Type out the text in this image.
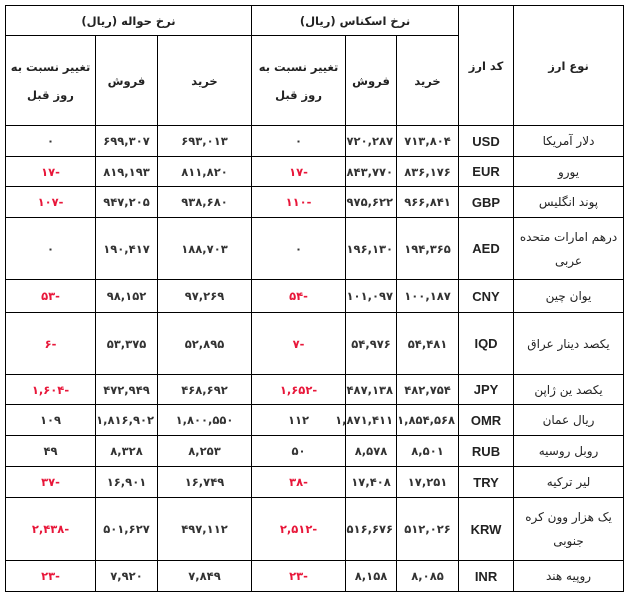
نوع ارز	کد ارز	نرخ اسکناس (ریال)			نرخ حواله (ریال)		
		خرید	فروش	تغییر نسبت به روز قبل	خرید	فروش	تغییر نسبت به روز قبل
دلار آمریکا	USD	۷۱۳,۸۰۴	۷۲۰,۲۸۷	۰	۶۹۳,۰۱۳	۶۹۹,۳۰۷	۰
یورو	EUR	۸۳۶,۱۷۶	۸۴۳,۷۷۰	-۱۷	۸۱۱,۸۲۰	۸۱۹,۱۹۳	-۱۷
پوند انگلیس	GBP	۹۶۶,۸۴۱	۹۷۵,۶۲۲	-۱۱۰	۹۳۸,۶۸۰	۹۴۷,۲۰۵	-۱۰۷
درهم امارات متحده عربی	AED	۱۹۴,۳۶۵	۱۹۶,۱۳۰	۰	۱۸۸,۷۰۳	۱۹۰,۴۱۷	۰
یوان چین	CNY	۱۰۰,۱۸۷	۱۰۱,۰۹۷	-۵۴	۹۷,۲۶۹	۹۸,۱۵۲	-۵۳
یکصد دینار عراق	IQD	۵۴,۴۸۱	۵۴,۹۷۶	-۷	۵۲,۸۹۵	۵۳,۳۷۵	-۶
یکصد ین ژاپن	JPY	۴۸۲,۷۵۴	۴۸۷,۱۳۸	-۱,۶۵۲	۴۶۸,۶۹۲	۴۷۲,۹۴۹	-۱,۶۰۴
ریال عمان	OMR	۱,۸۵۴,۵۶۸	۱,۸۷۱,۴۱۱	۱۱۲	۱,۸۰۰,۵۵۰	۱,۸۱۶,۹۰۲	۱۰۹
روبل روسیه	RUB	۸,۵۰۱	۸,۵۷۸	۵۰	۸,۲۵۳	۸,۳۲۸	۴۹
لیر ترکیه	TRY	۱۷,۲۵۱	۱۷,۴۰۸	-۳۸	۱۶,۷۴۹	۱۶,۹۰۱	-۳۷
یک هزار وون کره جنوبی	KRW	۵۱۲,۰۲۶	۵۱۶,۶۷۶	-۲,۵۱۲	۴۹۷,۱۱۲	۵۰۱,۶۲۷	-۲,۴۳۸
روپیه هند	INR	۸,۰۸۵	۸,۱۵۸	-۲۳	۷,۸۴۹	۷,۹۲۰	-۲۳
